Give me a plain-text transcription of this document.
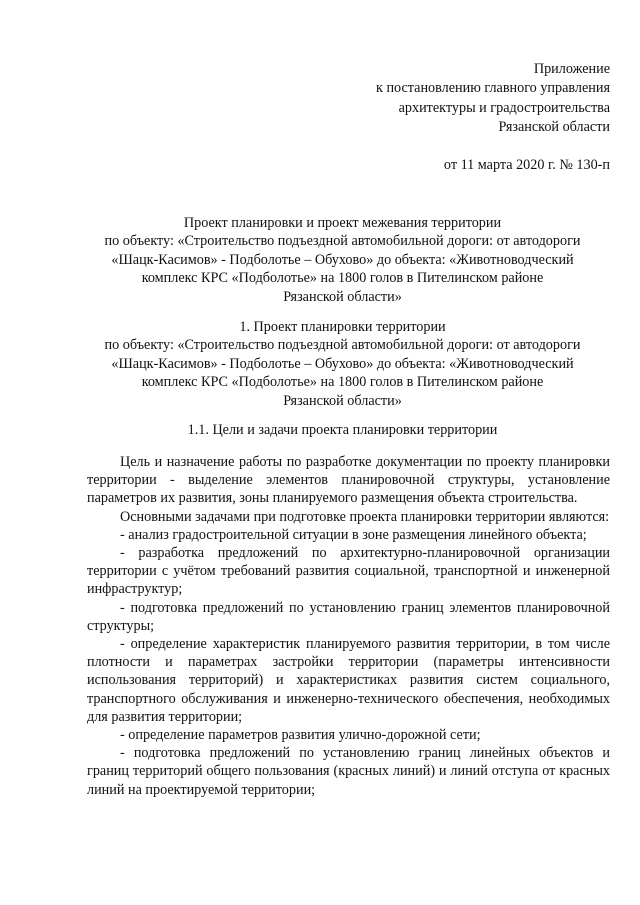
Приложение
к постановлению главного управления
архитектуры и градостроительства
Рязанской области
от 11 марта 2020 г. № 130-п
Проект планировки и проект межевания территории
по объекту: «Строительство подъездной автомобильной дороги: от автодороги
«Шацк-Касимов» - Подболотье – Обухово» до объекта: «Животноводческий
комплекс КРС «Подболотье» на 1800 голов в Пителинском районе
Рязанской области»
1. Проект планировки территории
по объекту: «Строительство подъездной автомобильной дороги: от автодороги
«Шацк-Касимов» - Подболотье – Обухово» до объекта: «Животноводческий
комплекс КРС «Подболотье» на 1800 голов в Пителинском районе
Рязанской области»
1.1. Цели и задачи проекта планировки территории

Цель и назначение работы по разработке документации по проекту планировки территории - выделение элементов планировочной структуры, установление параметров их развития, зоны планируемого размещения объекта строительства.

Основными задачами при подготовке проекта планировки территории являются:

- анализ градостроительной ситуации в зоне размещения линейного объекта;

- разработка предложений по архитектурно-планировочной организации территории с учётом требований развития социальной, транспортной и инженерной инфраструктур;

- подготовка предложений по установлению границ элементов планировочной структуры;

- определение характеристик планируемого развития территории, в том числе плотности и параметрах застройки территории (параметры интенсивности использования территорий) и характеристиках развития систем социального, транспортного обслуживания и инженерно-технического обеспечения, необходимых для развития территории;

- определение параметров развития улично-дорожной сети;

- подготовка предложений по установлению границ линейных объектов и границ территорий общего пользования (красных линий) и линий отступа от красных линий на проектируемой территории;
